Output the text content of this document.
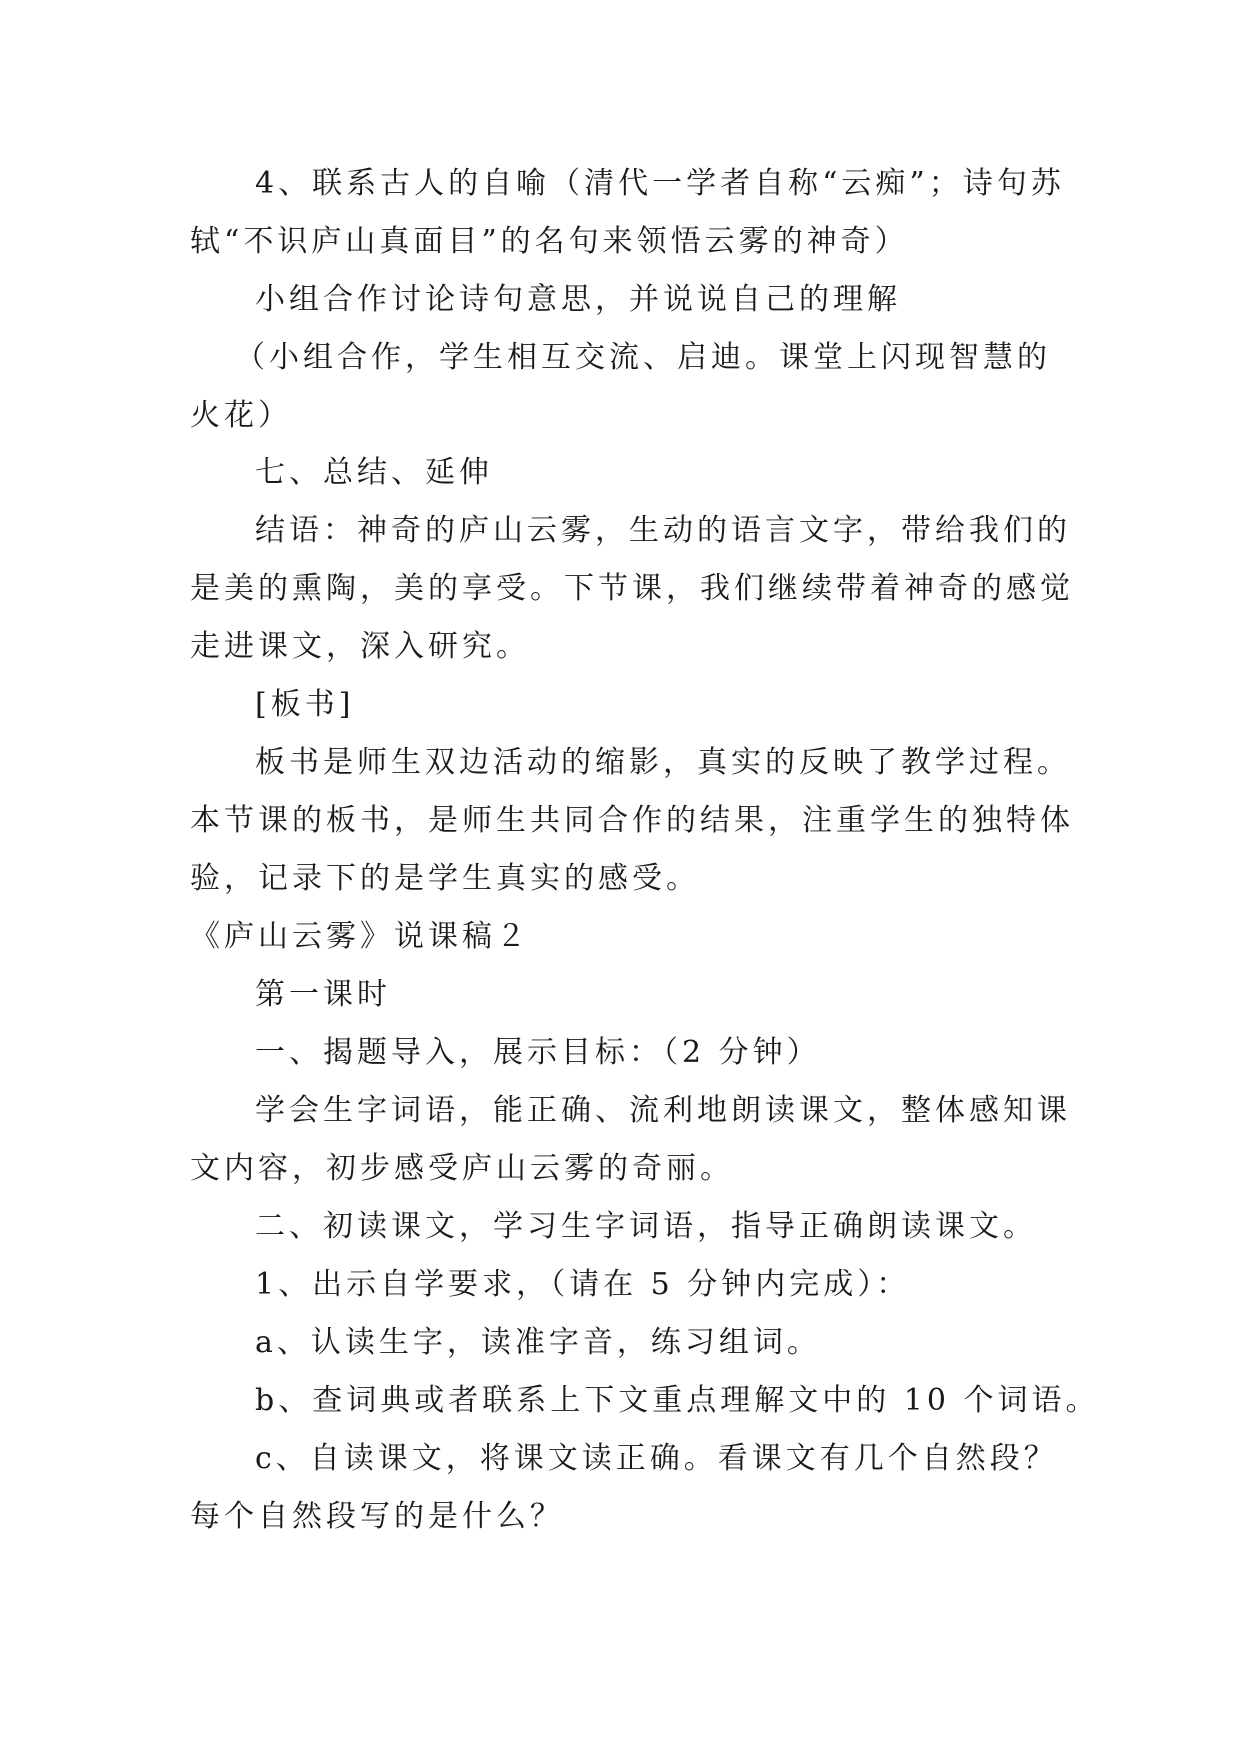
4、联系古人的自喻（清代一学者自称“云痴”；诗句苏
轼“不识庐山真面目”的名句来领悟云雾的神奇）
小组合作讨论诗句意思，并说说自己的理解
（小组合作，学生相互交流、启迪。课堂上闪现智慧的
火花）
七、总结、延伸
结语：神奇的庐山云雾，生动的语言文字，带给我们的
是美的熏陶，美的享受。下节课，我们继续带着神奇的感觉
走进课文，深入研究。
[板书]
板书是师生双边活动的缩影，真实的反映了教学过程。
本节课的板书，是师生共同合作的结果，注重学生的独特体
验，记录下的是学生真实的感受。
《庐山云雾》说课稿２
第一课时
一、揭题导入，展示目标：（2 分钟）
学会生字词语，能正确、流利地朗读课文，整体感知课
文内容，初步感受庐山云雾的奇丽。
二、初读课文，学习生字词语，指导正确朗读课文。
1、出示自学要求，（请在 5 分钟内完成）：
a、认读生字，读准字音，练习组词。
b、查词典或者联系上下文重点理解文中的 10 个词语。
c、自读课文，将课文读正确。看课文有几个自然段？
每个自然段写的是什么？
